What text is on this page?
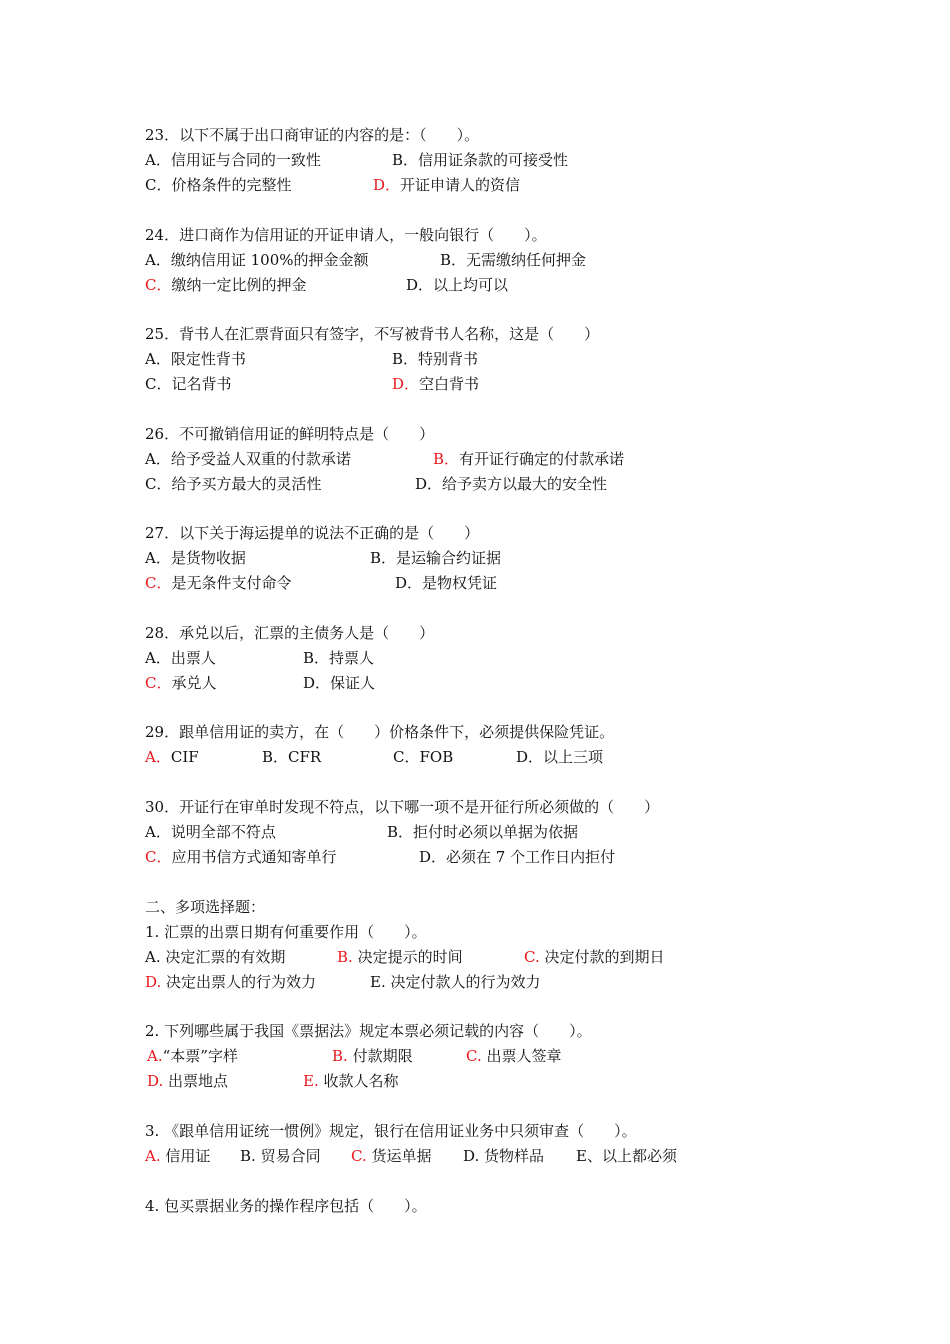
23．以下不属于出口商审证的内容的是：（　　）。
A．信用证与合同的一致性	B．信用证条款的可接受性
C．价格条件的完整性	D．开证申请人的资信
24．进口商作为信用证的开证申请人，一般向银行（　　）。
A．缴纳信用证 100%的押金金额	B．无需缴纳任何押金
C．缴纳一定比例的押金	D．以上均可以
25．背书人在汇票背面只有签字，不写被背书人名称，这是（　　）
A．限定性背书	B．特别背书
C．记名背书	D．空白背书
26．不可撤销信用证的鲜明特点是（　　）
A．给予受益人双重的付款承诺	B．有开证行确定的付款承诺
C．给予买方最大的灵活性	D．给予卖方以最大的安全性
27．以下关于海运提单的说法不正确的是（　　）
A．是货物收据	B．是运输合约证据
C．是无条件支付命令	D．是物权凭证
28．承兑以后，汇票的主债务人是（　　）
A．出票人	B．持票人
C．承兑人	D．保证人
29．跟单信用证的卖方，在（　　）价格条件下，必须提供保险凭证。
A．CIF	B．CFR	C．FOB	D．以上三项
30．开证行在审单时发现不符点，以下哪一项不是开征行所必须做的（　　）
A．说明全部不符点	B．拒付时必须以单据为依据
C．应用书信方式通知寄单行	D．必须在 7 个工作日内拒付
二、多项选择题：
1. 汇票的出票日期有何重要作用（　　）。
A. 决定汇票的有效期	B. 决定提示的时间	C. 决定付款的到期日
D. 决定出票人的行为效力	E. 决定付款人的行为效力
2. 下列哪些属于我国《票据法》规定本票必须记载的内容（　　）。
A.“本票”字样	B. 付款期限	C. 出票人签章
D. 出票地点	E. 收款人名称
3. 《跟单信用证统一惯例》规定，银行在信用证业务中只须审查（　　）。
A. 信用证 B. 贸易合同 C. 货运单据 D. 货物样品 E、以上都必须
4. 包买票据业务的操作程序包括（　　）。
